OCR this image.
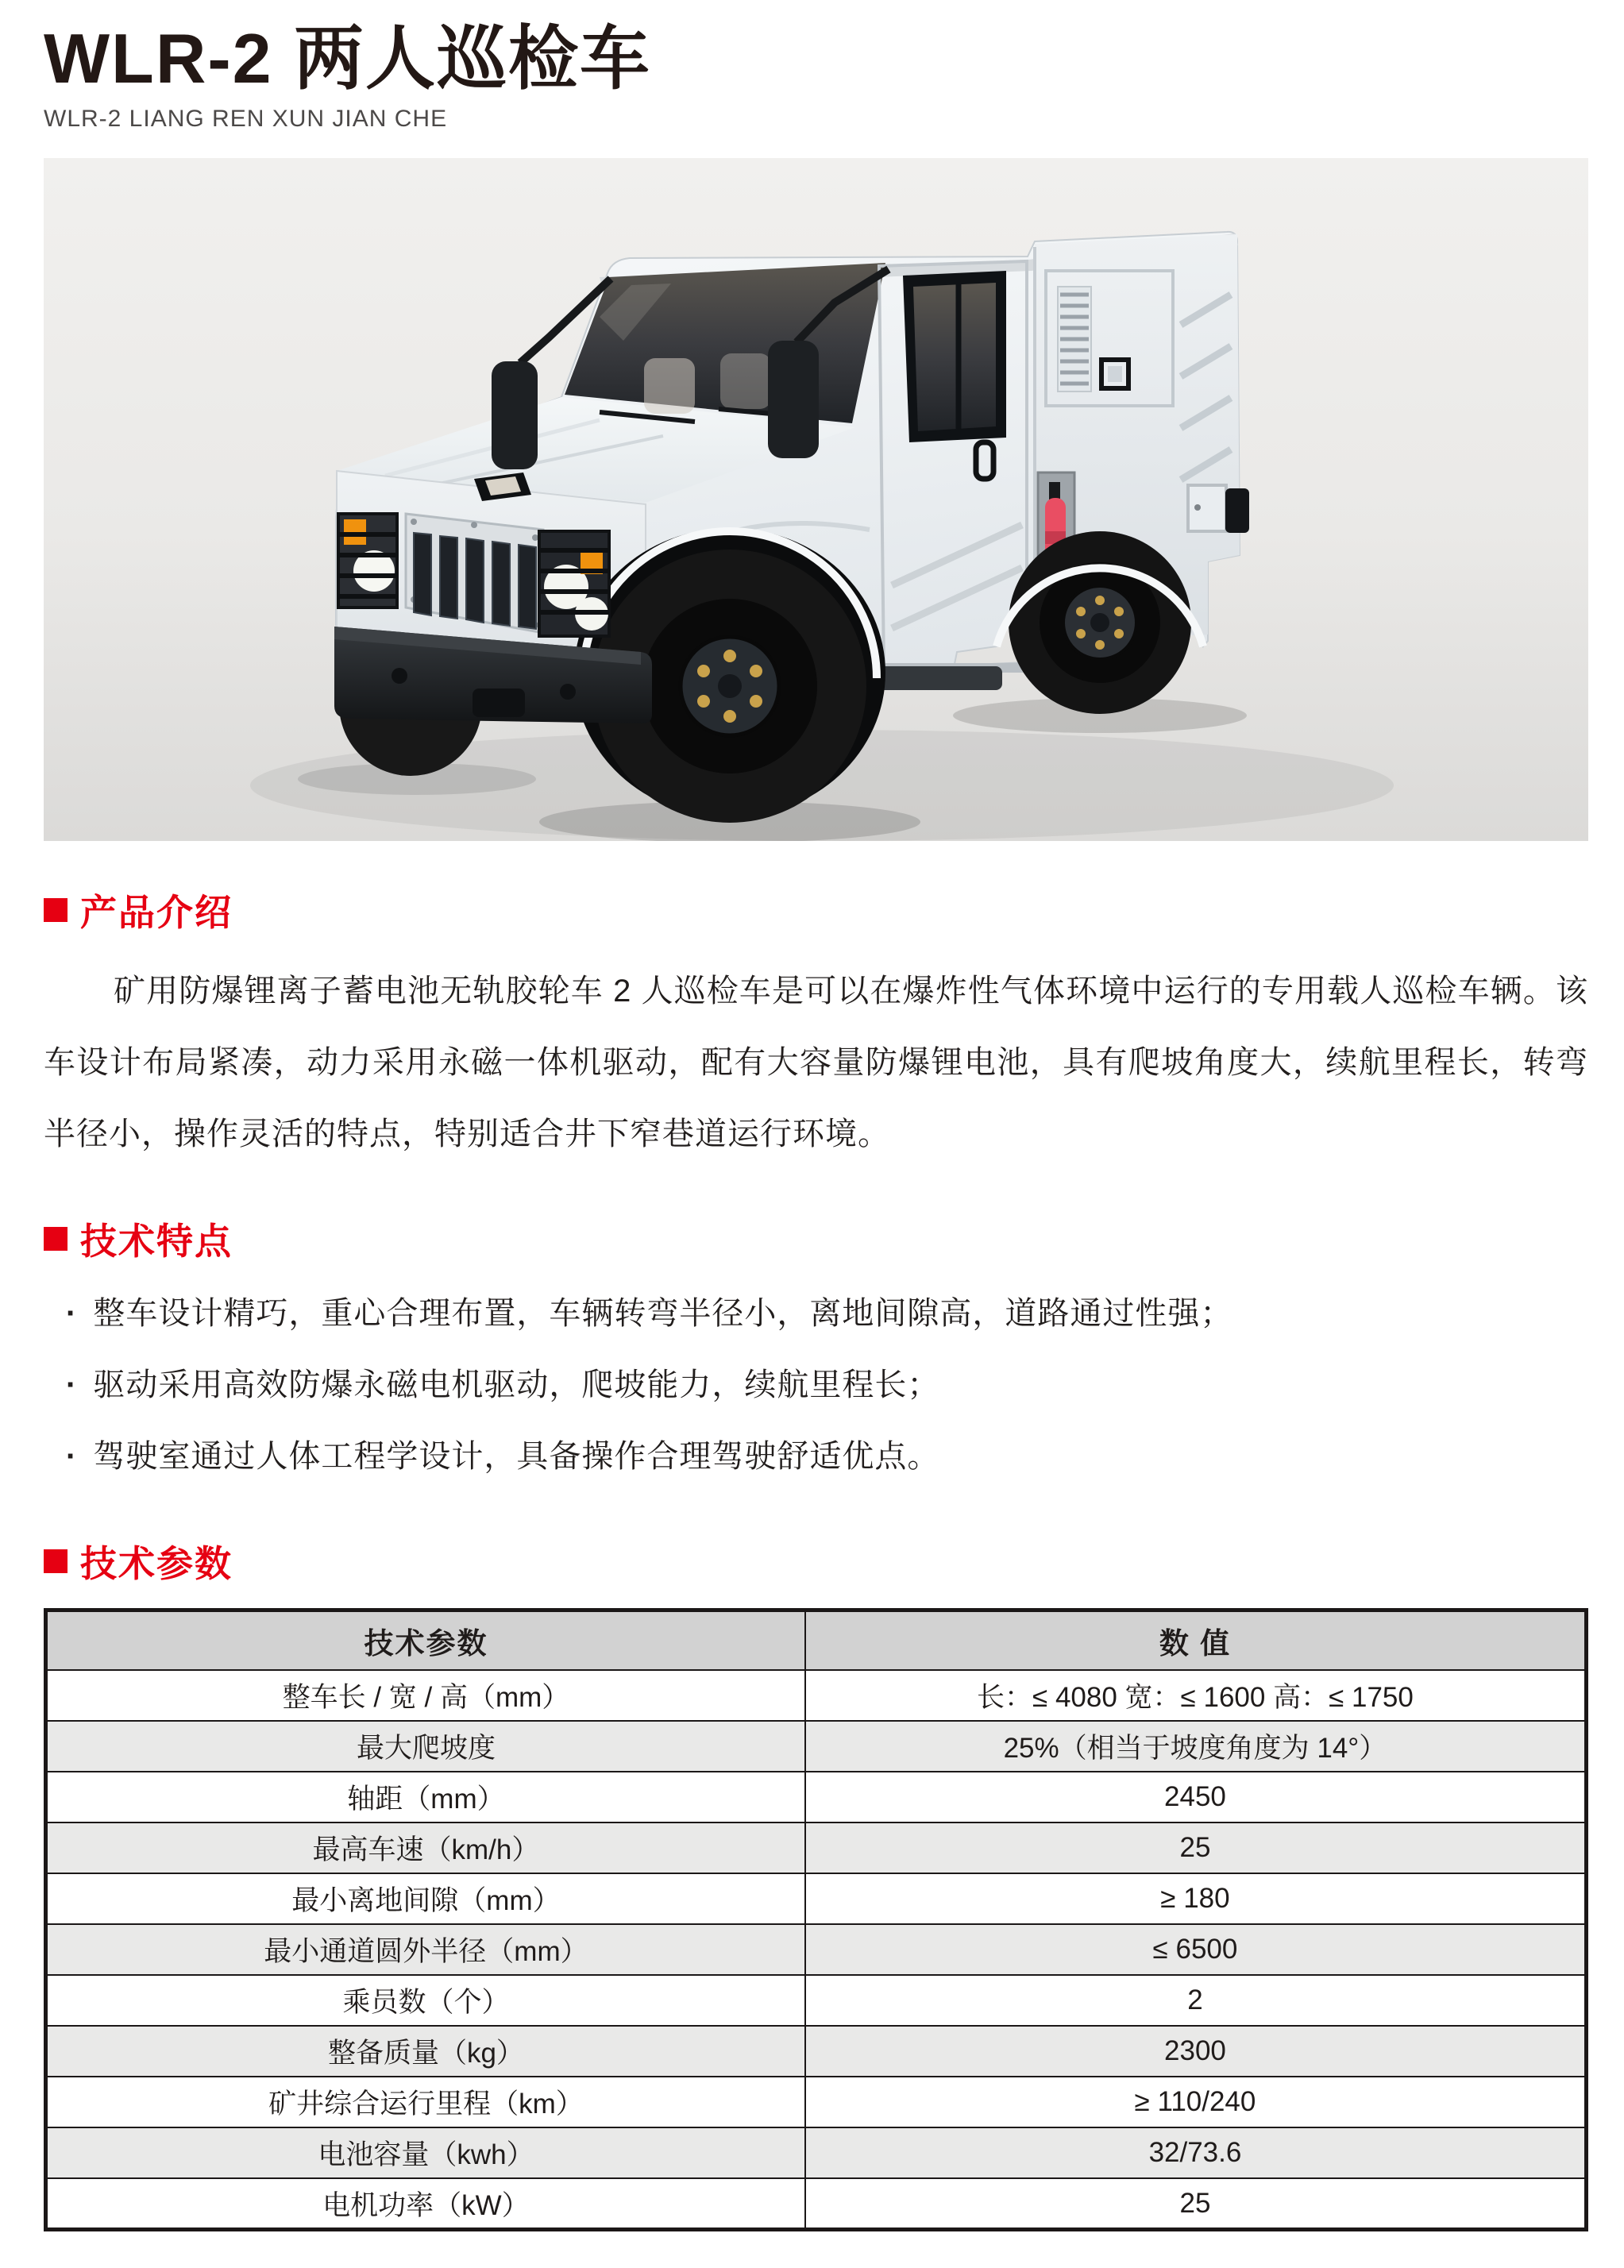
WLR-2 两人巡检车
WLR-2 LIANG REN XUN JIAN CHE
产品介绍

矿用防爆锂离子蓄电池无轨胶轮车 2 人巡检车是可以在爆炸性气体环境中运行的专用载人巡检车辆。该车设计布局紧凑，动力采用永磁一体机驱动，配有大容量防爆锂电池，具有爬坡角度大，续航里程长，转弯半径小，操作灵活的特点，特别适合井下窄巷道运行环境。

技术特点
· 整车设计精巧，重心合理布置，车辆转弯半径小，离地间隙高，道路通过性强；
· 驱动采用高效防爆永磁电机驱动，爬坡能力，续航里程长；
· 驾驶室通过人体工程学设计，具备操作合理驾驶舒适优点。
技术参数
技术参数	数 值
整车长 / 宽 / 高（mm）	长：≤ 4080 宽：≤ 1600 高：≤ 1750
最大爬坡度	25%（相当于坡度角度为 14°）
轴距（mm）	2450
最高车速（km/h）	25
最小离地间隙（mm）	≥ 180
最小通道圆外半径（mm）	≤ 6500
乘员数（个）	2
整备质量（kg）	2300
矿井综合运行里程（km）	≥ 110/240
电池容量（kwh）	32/73.6
电机功率（kW）	25
